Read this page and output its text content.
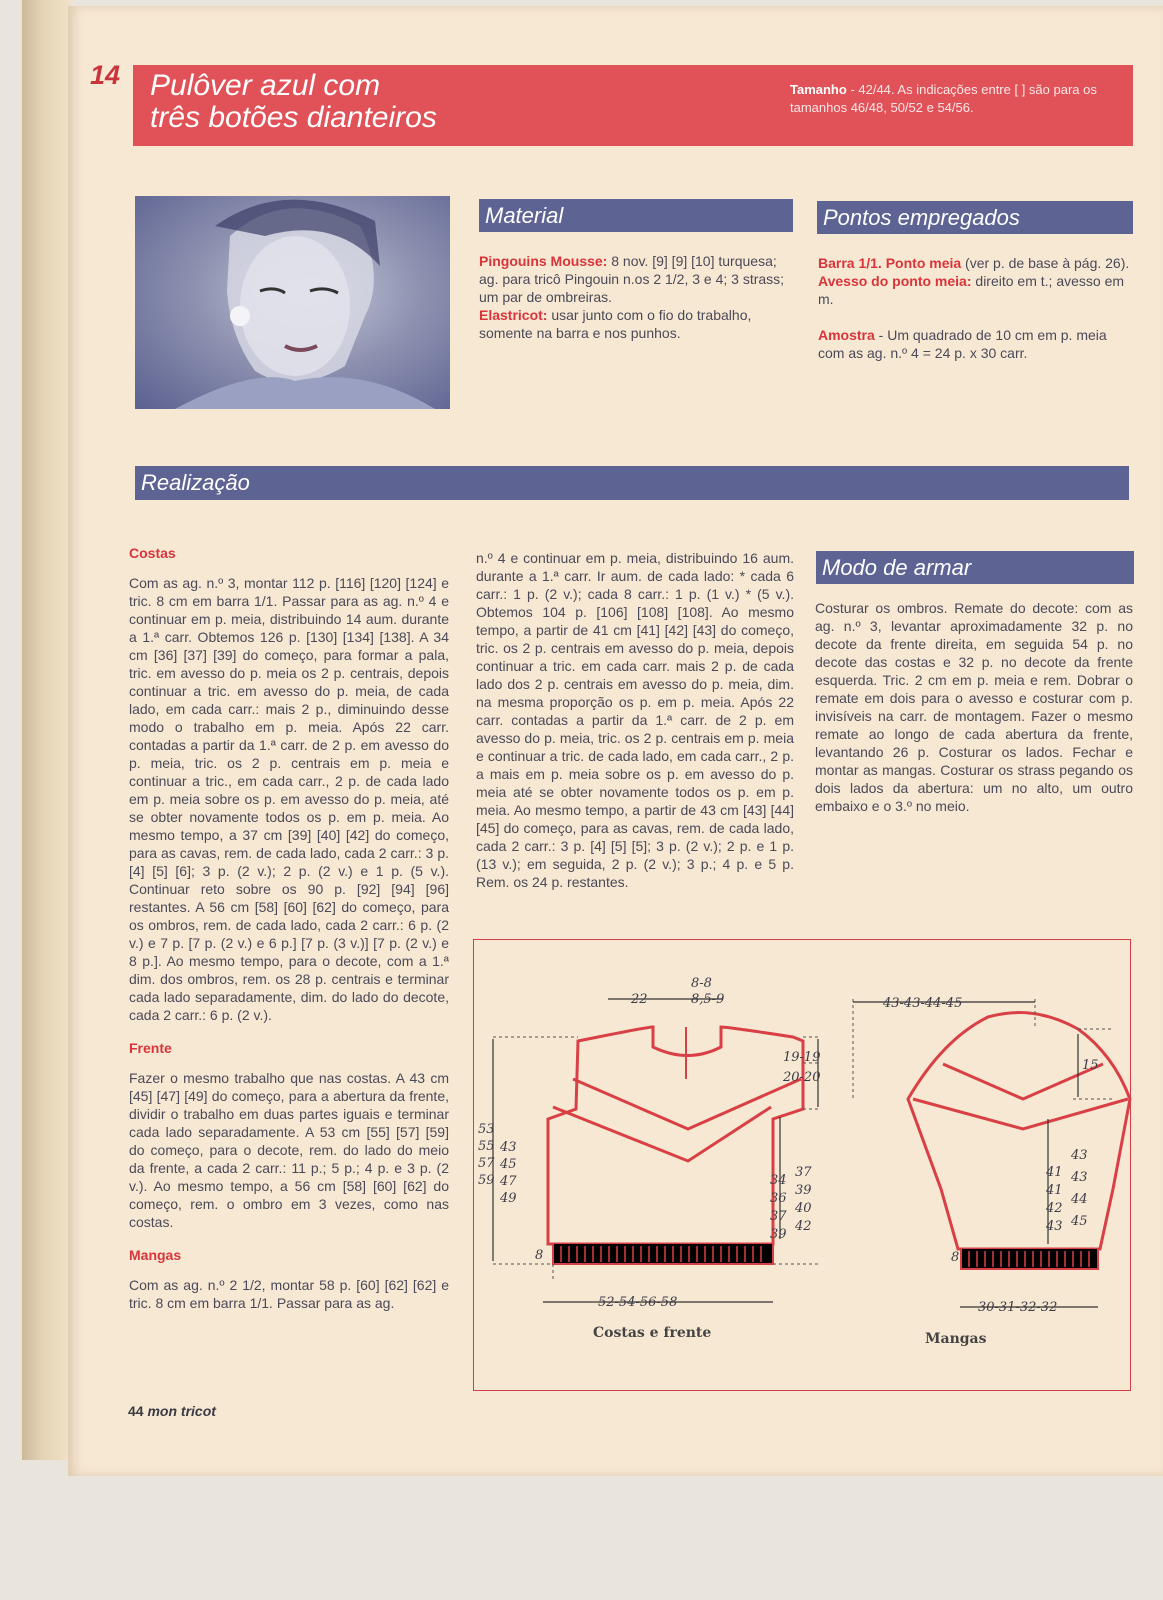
14 Pulôver azul com
três botões dianteiros
Tamanho - 42/44. As indicações entre [ ] são para os tamanhos 46/48, 50/52 e 54/56.
Material
Pingouins Mousse: 8 nov. [9] [9] [10] turquesa; ag. para tricô Pingouin n.os 2 1/2, 3 e 4; 3 strass; um par de ombreiras.
Elastricot: usar junto com o fio do trabalho, somente na barra e nos punhos.
Pontos empregados
Barra 1/1. Ponto meia (ver p. de base à pág. 26).
Avesso do ponto meia: direito em t.; avesso em m.

Amostra - Um quadrado de 10 cm em p. meia com as ag. n.º 4 = 24 p. x 30 carr.
Realização
Costas
Com as ag. n.º 3, montar 112 p. [116] [120] [124] e tric. 8 cm em barra 1/1. Passar para as ag. n.º 4 e continuar em p. meia, distribuindo 14 aum. durante a 1.ª carr. Obtemos 126 p. [130] [134] [138]. A 34 cm [36] [37] [39] do começo, para formar a pala, tric. em avesso do p. meia os 2 p. centrais, depois continuar a tric. em avesso do p. meia, de cada lado, em cada carr.: mais 2 p., diminuindo desse modo o trabalho em p. meia. Após 22 carr. contadas a partir da 1.ª carr. de 2 p. em avesso do p. meia, tric. os 2 p. centrais em p. meia e continuar a tric., em cada carr., 2 p. de cada lado em p. meia sobre os p. em avesso do p. meia, até se obter novamente todos os p. em p. meia. Ao mesmo tempo, a 37 cm [39] [40] [42] do começo, para as cavas, rem. de cada lado, cada 2 carr.: 3 p. [4] [5] [6]; 3 p. (2 v.); 2 p. (2 v.) e 1 p. (5 v.). Continuar reto sobre os 90 p. [92] [94] [96] restantes. A 56 cm [58] [60] [62] do começo, para os ombros, rem. de cada lado, cada 2 carr.: 6 p. (2 v.) e 7 p. [7 p. (2 v.) e 6 p.] [7 p. (3 v.)] [7 p. (2 v.) e 8 p.]. Ao mesmo tempo, para o decote, com a 1.ª dim. dos ombros, rem. os 28 p. centrais e terminar cada lado separadamente, dim. do lado do decote, cada 2 carr.: 6 p. (2 v.).
Frente
Fazer o mesmo trabalho que nas costas. A 43 cm [45] [47] [49] do começo, para a abertura da frente, dividir o trabalho em duas partes iguais e terminar cada lado separadamente. A 53 cm [55] [57] [59] do começo, para o decote, rem. do lado do meio da frente, a cada 2 carr.: 11 p.; 5 p.; 4 p. e 3 p. (2 v.). Ao mesmo tempo, a 56 cm [58] [60] [62] do começo, rem. o ombro em 3 vezes, como nas costas.
Mangas
Com as ag. n.º 2 1/2, montar 58 p. [60] [62] [62] e tric. 8 cm em barra 1/1. Passar para as ag.
n.º 4 e continuar em p. meia, distribuindo 16 aum. durante a 1.ª carr. Ir aum. de cada lado: * cada 6 carr.: 1 p. (2 v.); cada 8 carr.: 1 p. (1 v.) * (5 v.). Obtemos 104 p. [106] [108] [108]. Ao mesmo tempo, a partir de 41 cm [41] [42] [43] do começo, tric. os 2 p. centrais em avesso do p. meia, depois continuar a tric. em cada carr. mais 2 p. de cada lado dos 2 p. centrais em avesso do p. meia, dim. na mesma proporção os p. em p. meia. Após 22 carr. contadas a partir da 1.ª carr. de 2 p. em avesso do p. meia, tric. os 2 p. centrais em p. meia e continuar a tric. de cada lado, em cada carr., 2 p. a mais em p. meia sobre os p. em avesso do p. meia até se obter novamente todos os p. em p. meia. Ao mesmo tempo, a partir de 43 cm [43] [44] [45] do começo, para as cavas, rem. de cada lado, cada 2 carr.: 3 p. [4] [5] [5]; 3 p. (2 v.); 2 p. e 1 p. (13 v.); em seguida, 2 p. (2 v.); 3 p.; 4 p. e 5 p. Rem. os 24 p. restantes.
Modo de armar
Costurar os ombros. Remate do decote: com as ag. n.º 3, levantar aproximadamente 32 p. no decote da frente direita, em seguida 54 p. no decote das costas e 32 p. no decote da frente esquerda. Tric. 2 cm em p. meia e rem. Dobrar o remate em dois para o avesso e costurar com p. invisíveis na carr. de montagem. Fazer o mesmo remate ao longo de cada abertura da frente, levantando 26 p. Costurar os lados. Fechar e montar as mangas. Costurar os strass pegando os dois lados da abertura: um no alto, um outro embaixo e o 3.º no meio.
8-8
22	8,5-9
19-19
20-20
53
55
57
59
43
45
47
49
34
36
37
39
37
39
40
42
8
52-54-56-58
43-43-44-45
15
41
41
42
43
43
43
44
45
8
30-31-32-32
Costas e frente	Mangas
44 mon tricot
